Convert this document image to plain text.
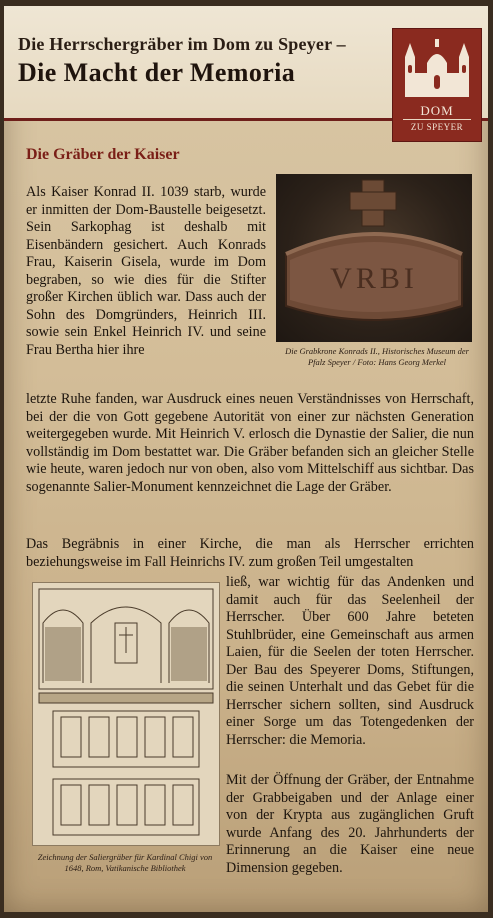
Die Herrschergräber im Dom zu Speyer –
Die Macht der Memoria
DOM
ZU SPEYER
Die Gräber der Kaiser
Als Kaiser Konrad II. 1039 starb, wurde er inmitten der Dom-Baustelle beigesetzt. Sein Sarkophag ist deshalb mit Eisenbändern gesichert. Auch Konrads Frau, Kaiserin Gisela, wurde im Dom begraben, so wie dies für die Stifter großer Kirchen üblich war. Dass auch der Sohn des Domgründers, Heinrich III. sowie sein Enkel Heinrich IV. und seine Frau Bertha hier ihre
VRBI
Die Grabkrone Konrads II., Historisches Museum der Pfalz Speyer / Foto: Hans Georg Merkel
letzte Ruhe fanden, war Ausdruck eines neuen Verständnisses von Herrschaft, bei der die von Gott gegebene Autorität von einer zur nächsten Generation weitergegeben wurde. Mit Heinrich V. erlosch die Dynastie der Salier, die nun vollständig im Dom bestattet war. Die Gräber befanden sich an gleicher Stelle wie heute, waren jedoch nur von oben, also vom Mittelschiff aus sichtbar. Das sogenannte Salier-Monument kennzeichnet die Lage der Gräber.
Das Begräbnis in einer Kirche, die man als Herrscher errichten beziehungsweise im Fall Heinrichs IV. zum großen Teil umgestalten
Zeichnung der Saliergräber für Kardinal Chigi von 1648, Rom, Vatikanische Bibliothek
ließ, war wichtig für das Andenken und damit auch für das Seelenheil der Herrscher. Über 600 Jahre beteten Stuhlbrüder, eine Gemeinschaft aus armen Laien, für die Seelen der toten Herrscher. Der Bau des Speyerer Doms, Stiftungen, die seinen Unterhalt und das Gebet für die Herrscher sichern sollten, sind Ausdruck einer Sorge um das Totengedenken der Herrscher: die Memoria.
Mit der Öffnung der Gräber, der Entnahme der Grabbeigaben und der Anlage einer von der Krypta aus zugänglichen Gruft wurde Anfang des 20. Jahrhunderts der Erinnerung an die Kaiser eine neue Dimension gegeben.
